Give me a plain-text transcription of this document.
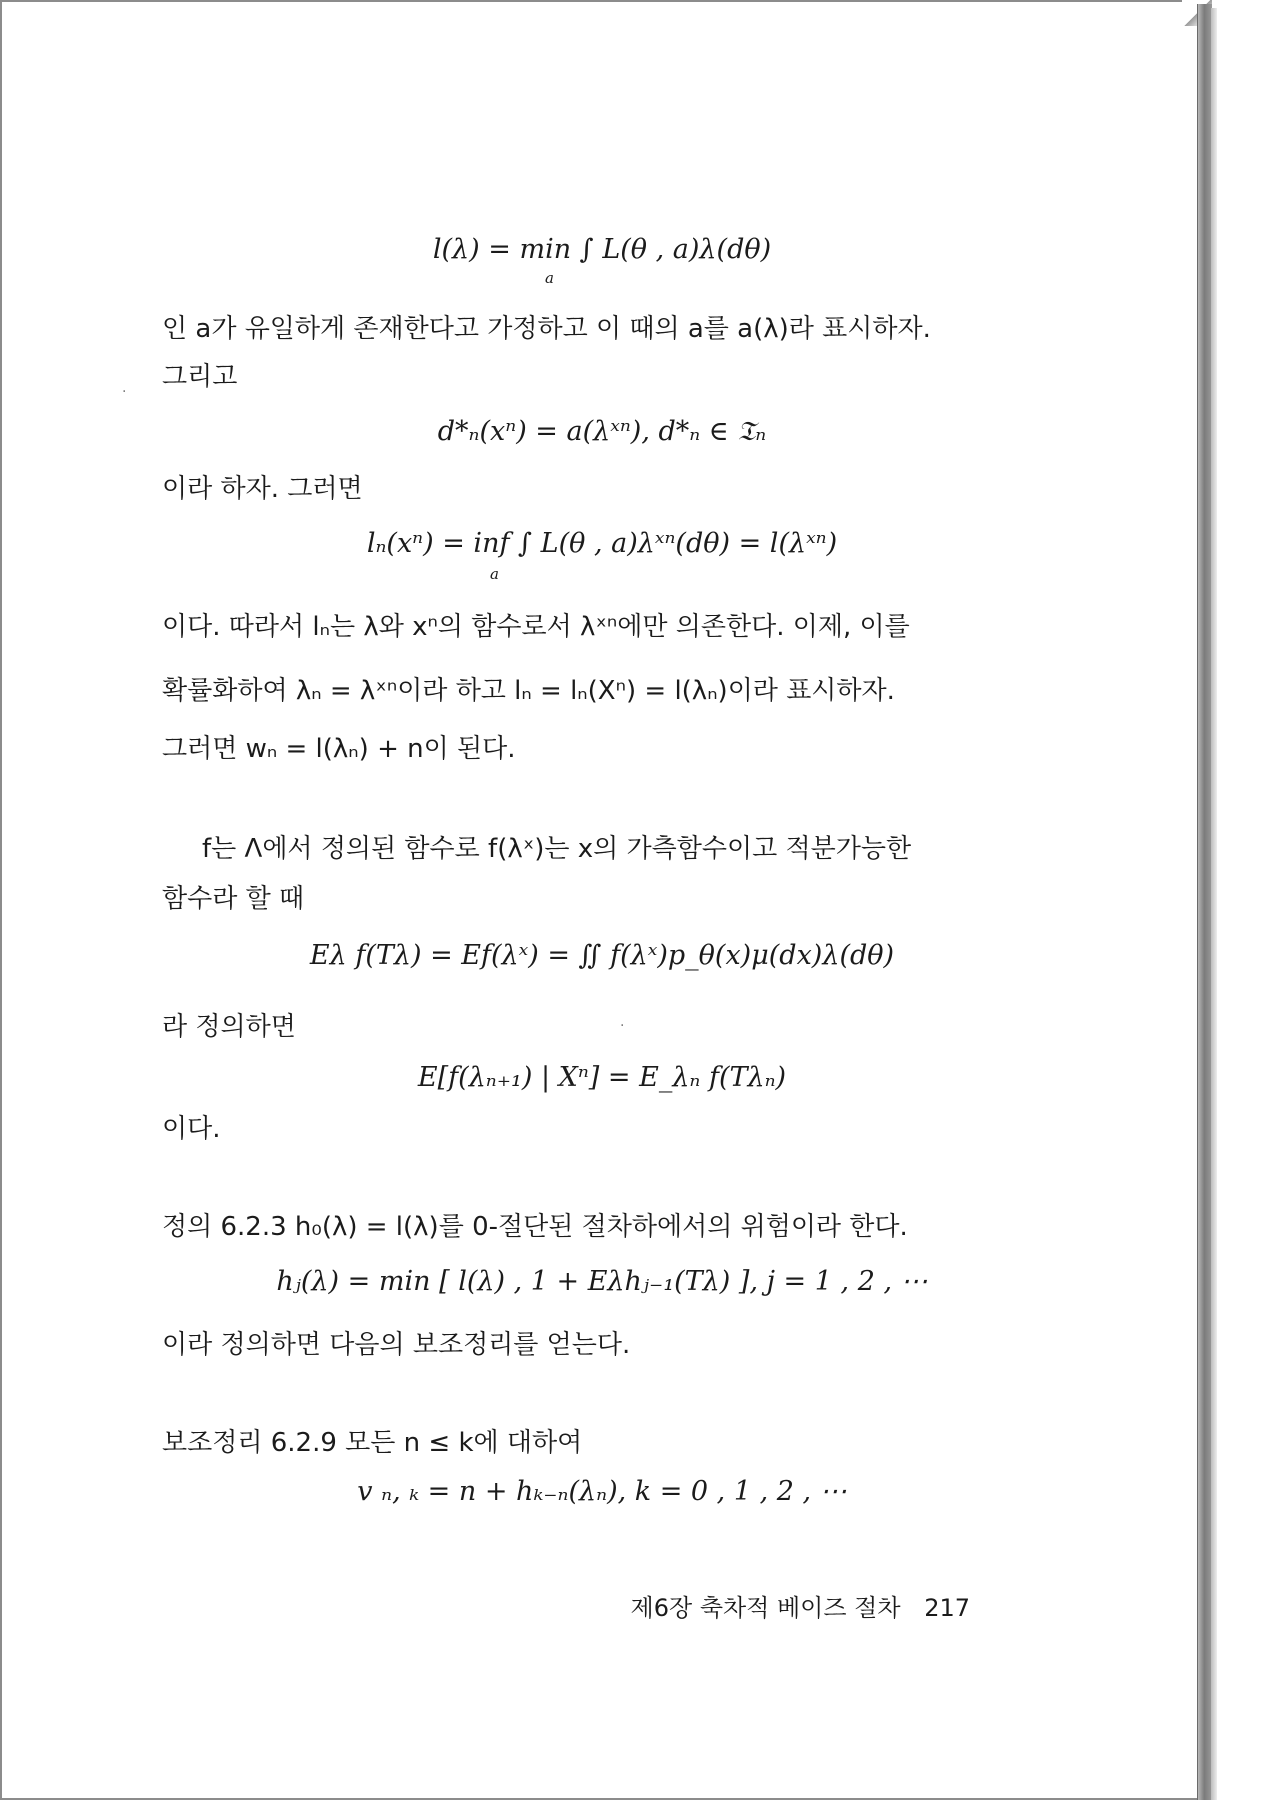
l(λ) = min ∫ L(θ , a)λ(dθ)
a
인 a가 유일하게 존재한다고 가정하고 이 때의 a를 a(λ)라 표시하자.
그리고
d*ₙ(xⁿ) = a(λˣⁿ), d*ₙ ∈ 𝔗ₙ
이라 하자. 그러면
lₙ(xⁿ) = inf ∫ L(θ , a)λˣⁿ(dθ) = l(λˣⁿ)
a
이다. 따라서 lₙ는 λ와 xⁿ의 함수로서 λˣⁿ에만 의존한다. 이제, 이를
확률화하여 λₙ = λˣⁿ이라 하고 lₙ = lₙ(Xⁿ) = l(λₙ)이라 표시하자.
그러면 wₙ = l(λₙ) + n이 된다.
f는 Λ에서 정의된 함수로 f(λˣ)는 x의 가측함수이고 적분가능한
함수라 할 때
Eλ f(Tλ) = Ef(λˣ) = ∬ f(λˣ)p_θ(x)μ(dx)λ(dθ)
라 정의하면
E[f(λₙ₊₁) | Xⁿ] = E_λₙ f(Tλₙ)
이다.
정의 6.2.3 h₀(λ) = l(λ)를 0-절단된 절차하에서의 위험이라 한다.
hⱼ(λ) = min [ l(λ) , 1 + Eλhⱼ₋₁(Tλ) ], j = 1 , 2 , ⋯
이라 정의하면 다음의 보조정리를 얻는다.
보조정리 6.2.9 모든 n ≤ k에 대하여
v ₙ, ₖ = n + hₖ₋ₙ(λₙ), k = 0 , 1 , 2 , ⋯
제6장 축차적 베이즈 절차 217
·
·
